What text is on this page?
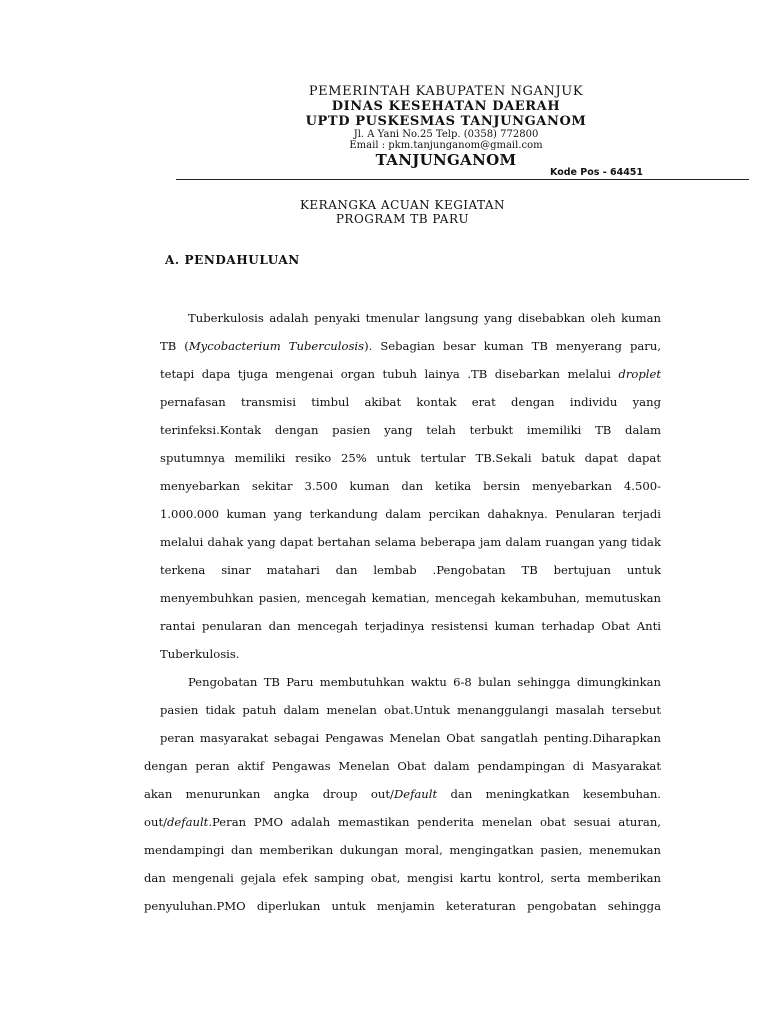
PEMERINTAH KABUPATEN NGANJUK
DINAS KESEHATAN DAERAH
UPTD PUSKESMAS TANJUNGANOM
Jl. A Yani No.25 Telp. (0358) 772800
Email : pkm.tanjunganom@gmail.com
TANJUNGANOM
Kode Pos - 64451
KERANGKA ACUAN KEGIATAN
PROGRAM TB PARU
A. PENDAHULUAN
Tuberkulosis adalah penyaki tmenular langsung yang disebabkan oleh kuman
TB (Mycobacterium Tuberculosis). Sebagian besar kuman TB menyerang paru,
tetapi dapa tjuga mengenai organ tubuh lainya .TB disebarkan melalui droplet
pernafasan transmisi timbul akibat kontak erat dengan individu yang
terinfeksi.Kontak dengan pasien yang telah terbukt imemiliki TB dalam
sputumnya memiliki resiko 25% untuk tertular TB.Sekali batuk dapat dapat
menyebarkan sekitar 3.500 kuman dan ketika bersin menyebarkan 4.500-
1.000.000 kuman yang terkandung dalam percikan dahaknya. Penularan terjadi
melalui dahak yang dapat bertahan selama beberapa jam dalam ruangan yang tidak
terkena sinar matahari dan lembab .Pengobatan TB bertujuan untuk
menyembuhkan pasien, mencegah kematian, mencegah kekambuhan, memutuskan
rantai penularan dan mencegah terjadinya resistensi kuman terhadap Obat Anti
Tuberkulosis.
Pengobatan TB Paru membutuhkan waktu 6-8 bulan sehingga dimungkinkan
pasien tidak patuh dalam menelan obat.Untuk menanggulangi masalah tersebut
peran masyarakat sebagai Pengawas Menelan Obat sangatlah penting.Diharapkan
dengan peran aktif Pengawas Menelan Obat dalam pendampingan di Masyarakat
akan menurunkan angka droup out/Default dan meningkatkan kesembuhan.
out/default.Peran PMO adalah memastikan penderita menelan obat sesuai aturan,
mendampingi dan memberikan dukungan moral, mengingatkan pasien, menemukan
dan mengenali gejala efek samping obat, mengisi kartu kontrol, serta memberikan
penyuluhan.PMO diperlukan untuk menjamin keteraturan pengobatan sehingga
